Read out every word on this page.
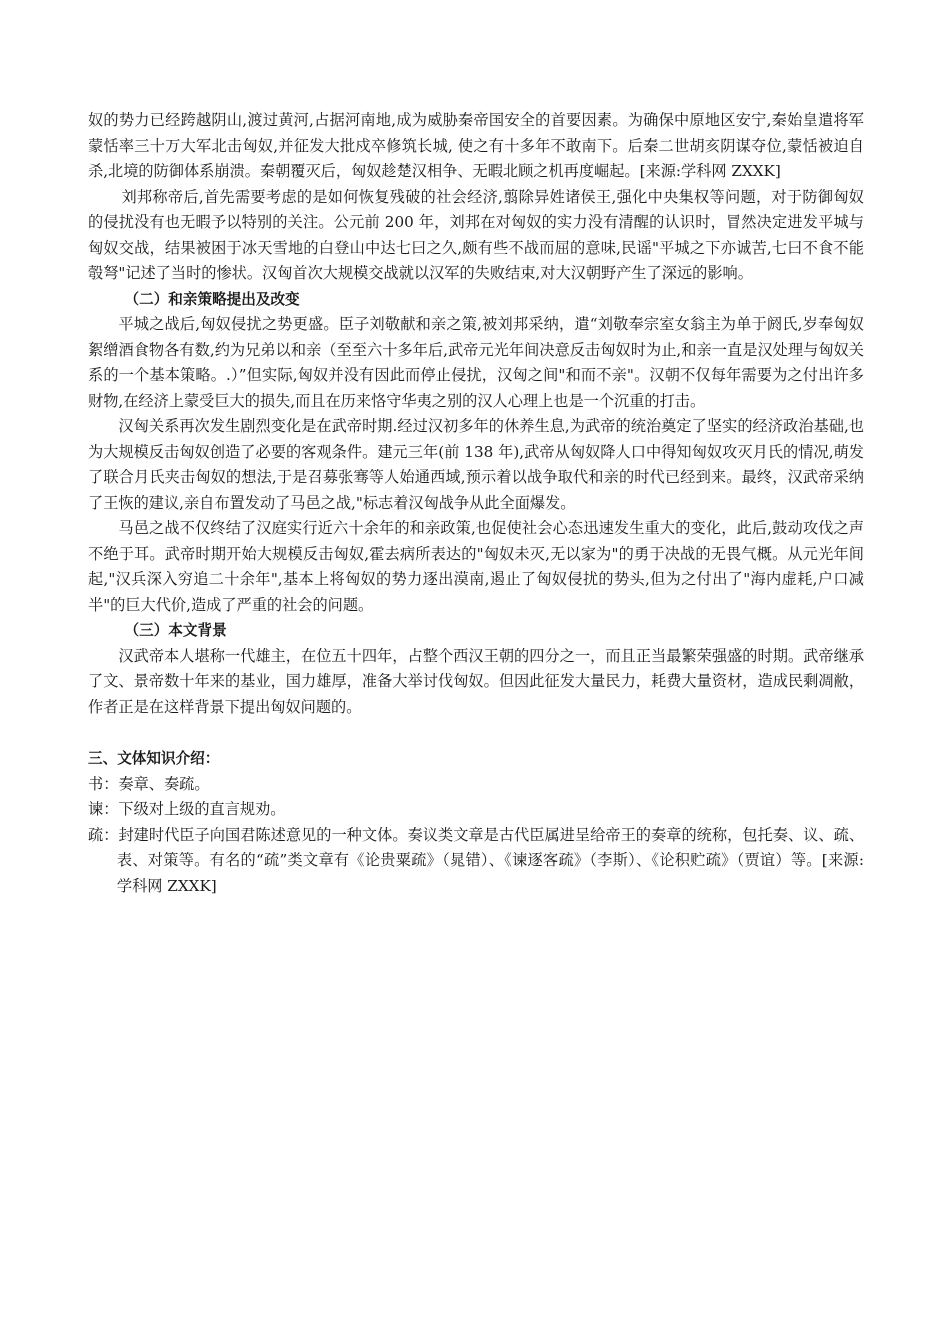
奴的势力已经跨越阴山,渡过黄河,占据河南地,成为威胁秦帝国安全的首要因素。为确保中原地区安宁,秦始皇遣将军蒙恬率三十万大军北击匈奴,并征发大批戍卒修筑长城, 使之有十多年不敢南下。后秦二世胡亥阴谋夺位,蒙恬被迫自杀,北境的防御体系崩溃。秦朝覆灭后，匈奴趁楚汉相争、无暇北顾之机再度崛起。[来源:学科网 ZXXK]

刘邦称帝后,首先需要考虑的是如何恢复残破的社会经济,翦除异姓诸侯王,强化中央集权等问题，对于防御匈奴的侵扰没有也无暇予以特别的关注。公元前 200 年，刘邦在对匈奴的实力没有清醒的认识时，冒然决定进发平城与匈奴交战，结果被困于冰天雪地的白登山中达七曰之久,颇有些不战而屈的意味,民谣"平城之下亦诚苦,七曰不食不能彀弩"记述了当时的惨状。汉匈首次大规模交战就以汉军的失败结束,对大汉朝野产生了深远的影响。

（二）和亲策略提出及改变

平城之战后,匈奴侵扰之势更盛。臣子刘敬献和亲之策,被刘邦采纳，遣“刘敬奉宗室女翁主为单于阏氏,岁奉匈奴絮缯酒食物各有数,约为兄弟以和亲（至至六十多年后,武帝元光年间决意反击匈奴时为止,和亲一直是汉处理与匈奴关系的一个基本策略。.）”但实际,匈奴并没有因此而停止侵扰，汉匈之间"和而不亲"。汉朝不仅每年需要为之付出许多财物,在经济上蒙受巨大的损失,而且在历来恪守华夷之别的汉人心理上也是一个沉重的打击。

汉匈关系再次发生剧烈变化是在武帝时期.经过汉初多年的休养生息,为武帝的统治奠定了坚实的经济政治基础,也为大规模反击匈奴创造了必要的客观条件。建元三年(前 138 年),武帝从匈奴降人口中得知匈奴攻灭月氏的情况,萌发了联合月氏夹击匈奴的想法,于是召募张骞等人始通西域,预示着以战争取代和亲的时代已经到来。最终，汉武帝采纳了王恢的建议,亲自布置发动了马邑之战,"标志着汉匈战争从此全面爆发。

马邑之战不仅终结了汉庭实行近六十余年的和亲政策,也促使社会心态迅速发生重大的变化，此后,鼓动攻伐之声不绝于耳。武帝时期开始大规模反击匈奴,霍去病所表达的"匈奴未灭,无以家为"的勇于决战的无畏气概。从元光年间起,"汉兵深入穷追二十余年",基本上将匈奴的势力逐出漠南,遏止了匈奴侵扰的势头,但为之付出了"海内虚耗,户口减半"的巨大代价,造成了严重的社会的问题。

（三）本文背景

汉武帝本人堪称一代雄主，在位五十四年，占整个西汉王朝的四分之一，而且正当最繁荣强盛的时期。武帝继承了文、景帝数十年来的基业，国力雄厚，准备大举讨伐匈奴。但因此征发大量民力，耗费大量资材，造成民剩凋敝，作者正是在这样背景下提出匈奴问题的。

三、文体知识介绍：

书： 奏章、奏疏。

谏： 下级对上级的直言规劝。

疏：封建时代臣子向国君陈述意见的一种文体。奏议类文章是古代臣属进呈给帝王的奏章的统称，包托奏、议、疏、表、对策等。有名的“疏”类文章有《论贵粟疏》（晁错）、《谏逐客疏》（李斯）、《论积贮疏》（贾谊）等。[来源:学科网 ZXXK]
